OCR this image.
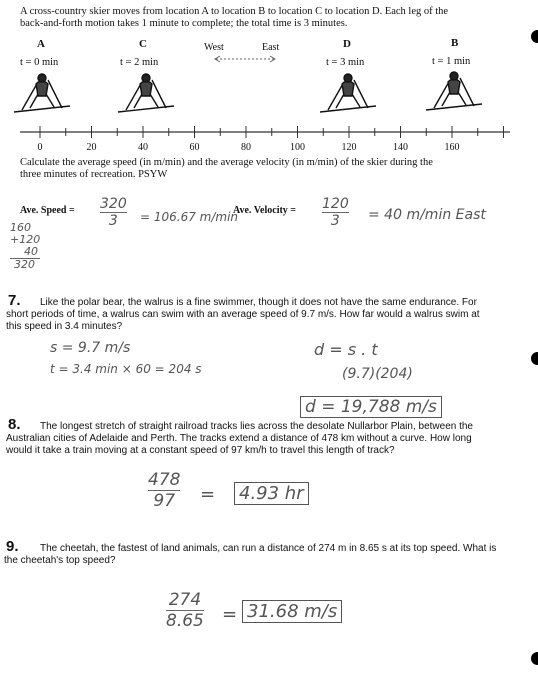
A cross-country skier moves from location A to location B to location C to location D. Each leg of the
back-and-forth motion takes 1 minute to complete; the total time is 3 minutes.
A
t = 0 min
C
t = 2 min
D
t = 3 min
B
t = 1 min
West	East
0	20	40	60	80	100	120	140	160
Calculate the average speed (in m/min) and the average velocity (in m/min) of the skier during the
three minutes of recreation. PSYW
Ave. Speed = $\frac{320}{3} = 106.67$ m/min
160
+120
40
320
Ave. Velocity = $\frac{120}{3} = 40$ m/min East
7. Like the polar bear, the walrus is a fine swimmer, though it does not have the same endurance. For
short periods of time, a walrus can swim with an average speed of 9.7 m/s. How far would a walrus swim at
this speed in 3.4 minutes?
s = 9.7 m/s
t = 3.4 min × 60 = 204 s
d = s . t
(9.7)(204)
d = 19,788 m/s
8. The longest stretch of straight railroad tracks lies across the desolate Nullarbor Plain, between the
Australian cities of Adelaide and Perth. The tracks extend a distance of 478 km without a curve. How long
would it take a train moving at a constant speed of 97 km/h to travel this length of track?
$\frac{478}{97} = 4.93$ hr
9. The cheetah, the fastest of land animals, can run a distance of 274 m in 8.65 s at its top speed. What is
the cheetah's top speed?
$\frac{274}{8.65} = 31.68$ m/s
